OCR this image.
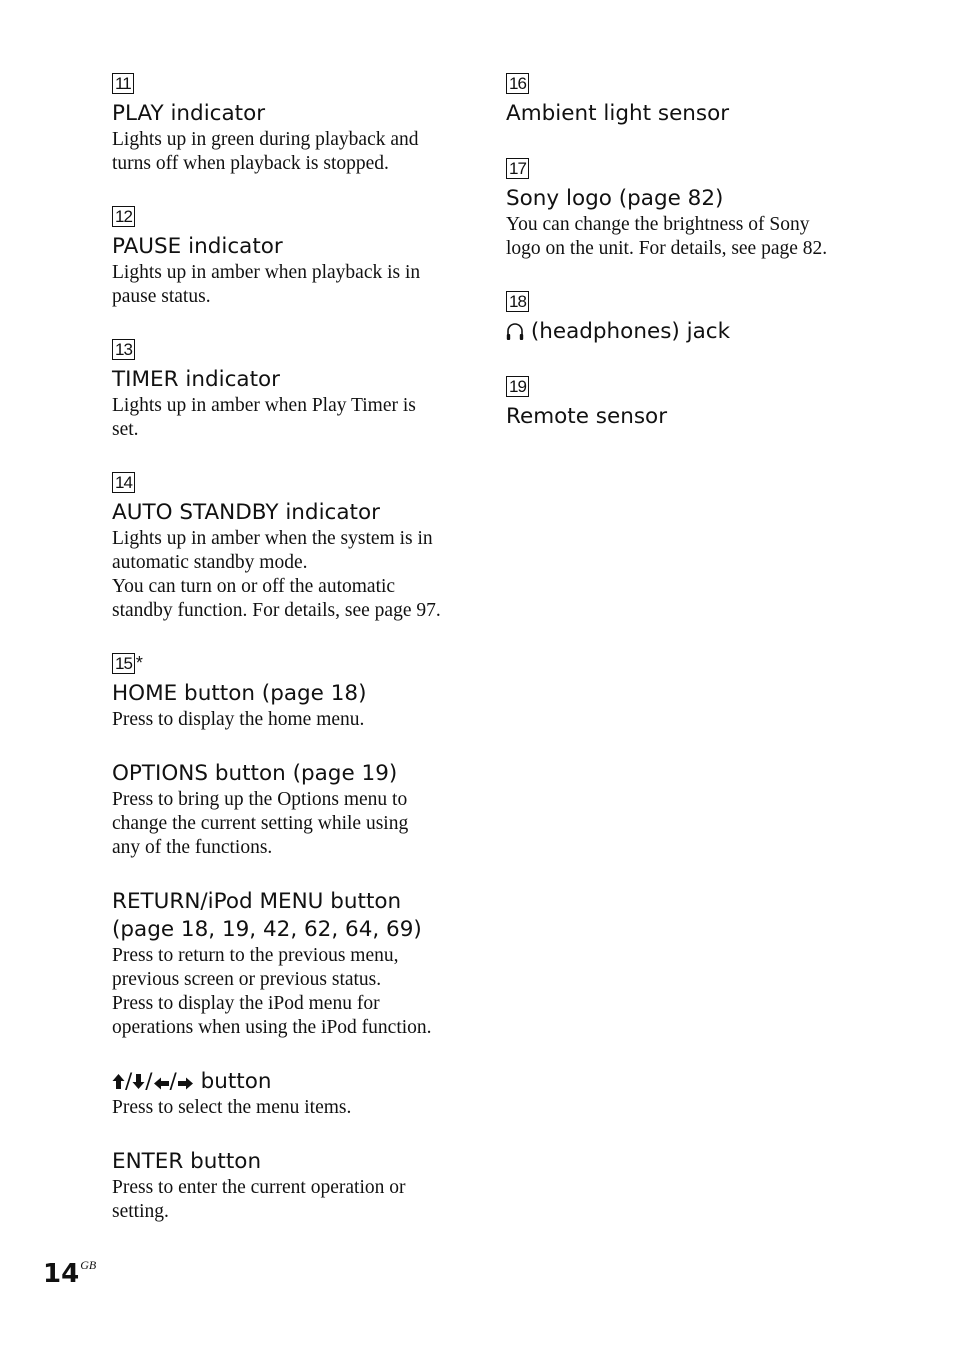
11
PLAY indicator

Lights up in green during playback and
turns off when playback is stopped.

12
PAUSE indicator

Lights up in amber when playback is in
pause status.

13
TIMER indicator

Lights up in amber when Play Timer is
set.

14
AUTO STANDBY indicator

Lights up in amber when the system is in
automatic standby mode.
You can turn on or off the automatic
standby function. For details, see page 97.

15 *
HOME button (page 18)

Press to display the home menu.

OPTIONS button (page 19)

Press to bring up the Options menu to
change the current setting while using
any of the functions.

RETURN/iPod MENU button
(page 18, 19, 42, 62, 64, 69)

Press to return to the previous menu,
previous screen or previous status.
Press to display the iPod menu for
operations when using the iPod function.

/ / / button

Press to select the menu items.

ENTER button

Press to enter the current operation or
setting.

16
Ambient light sensor
17
Sony logo (page 82)

You can change the brightness of Sony
logo on the unit. For details, see page 82.

18
(headphones) jack
19
Remote sensor
$14^{GB}$
